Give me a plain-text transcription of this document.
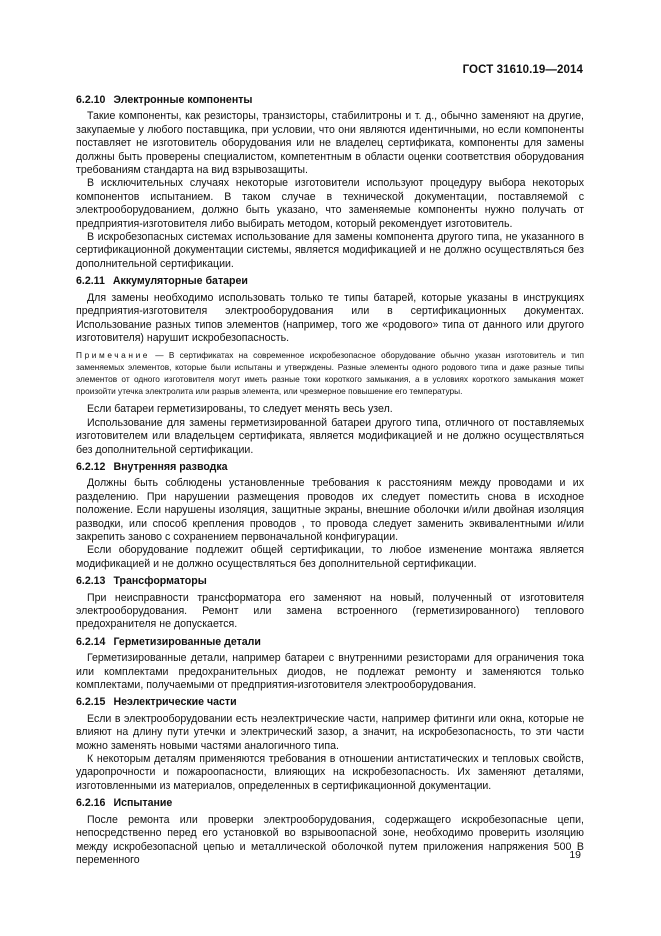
ГОСТ 31610.19—2014
6.2.10 Электронные компоненты

Такие компоненты, как резисторы, транзисторы, стабилитроны и т. д., обычно заменяют на другие, закупаемые у любого поставщика, при условии, что они являются идентичными, но если компоненты поставляет не изготовитель оборудования или не владелец сертификата, компоненты для замены должны быть проверены специалистом, компетентным в области оценки соответствия оборудования требованиям стандарта на вид взрывозащиты.

В исключительных случаях некоторые изготовители используют процедуру выбора некоторых компонентов испытанием. В таком случае в технической документации, поставляемой с электрооборудованием, должно быть указано, что заменяемые компоненты нужно получать от предприятия-изготовителя либо выбирать методом, который рекомендует изготовитель.

В искробезопасных системах использование для замены компонента другого типа, не указанного в сертификационной документации системы, является модификацией и не должно осуществляться без дополнительной сертификации.

6.2.11 Аккумуляторные батареи

Для замены необходимо использовать только те типы батарей, которые указаны в инструкциях предприятия-изготовителя электрооборудования или в сертификационных документах. Использование разных типов элементов (например, того же «родового» типа от данного или другого изготовителя) нарушит искробезопасность.

Примечание — В сертификатах на современное искробезопасное оборудование обычно указан изготовитель и тип заменяемых элементов, которые были испытаны и утверждены. Разные элементы одного родового типа и даже разные типы элементов от одного изготовителя могут иметь разные токи короткого замыкания, а в условиях короткого замыкания может произойти утечка электролита или разрыв элемента, или чрезмерное повышение его температуры.

Если батареи герметизированы, то следует менять весь узел.

Использование для замены герметизированной батареи другого типа, отличного от поставляемых изготовителем или владельцем сертификата, является модификацией и не должно осуществляться без дополнительной сертификации.

6.2.12 Внутренняя разводка

Должны быть соблюдены установленные требования к расстояниям между проводами и их разделению. При нарушении размещения проводов их следует поместить снова в исходное положение. Если нарушены изоляция, защитные экраны, внешние оболочки и/или двойная изоляция разводки, или способ крепления проводов , то провода следует заменить эквивалентными и/или закрепить заново с сохранением первоначальной конфигурации.

Если оборудование подлежит общей сертификации, то любое изменение монтажа является модификацией и не должно осуществляться без дополнительной сертификации.

6.2.13 Трансформаторы

При неисправности трансформатора его заменяют на новый, полученный от изготовителя электрооборудования. Ремонт или замена встроенного (герметизированного) теплового предохранителя не допускается.

6.2.14 Герметизированные детали

Герметизированные детали, например батареи с внутренними резисторами для ограничения тока или комплектами предохранительных диодов, не подлежат ремонту и заменяются только комплектами, получаемыми от предприятия-изготовителя электрооборудования.

6.2.15 Неэлектрические части

Если в электрооборудовании есть неэлектрические части, например фитинги или окна, которые не влияют на длину пути утечки и электрический зазор, а значит, на искробезопасность, то эти части можно заменять новыми частями аналогичного типа.

К некоторым деталям применяются требования в отношении антистатических и тепловых свойств, ударопрочности и пожароопасности, влияющих на искробезопасность. Их заменяют деталями, изготовленными из материалов, определенных в сертификационной документации.

6.2.16 Испытание

После ремонта или проверки электрооборудования, содержащего искробезопасные цепи, непосредственно перед его установкой во взрывоопасной зоне, необходимо проверить изоляцию между искробезопасной цепью и металлической оболочкой путем приложения напряжения 500 В переменного	19
